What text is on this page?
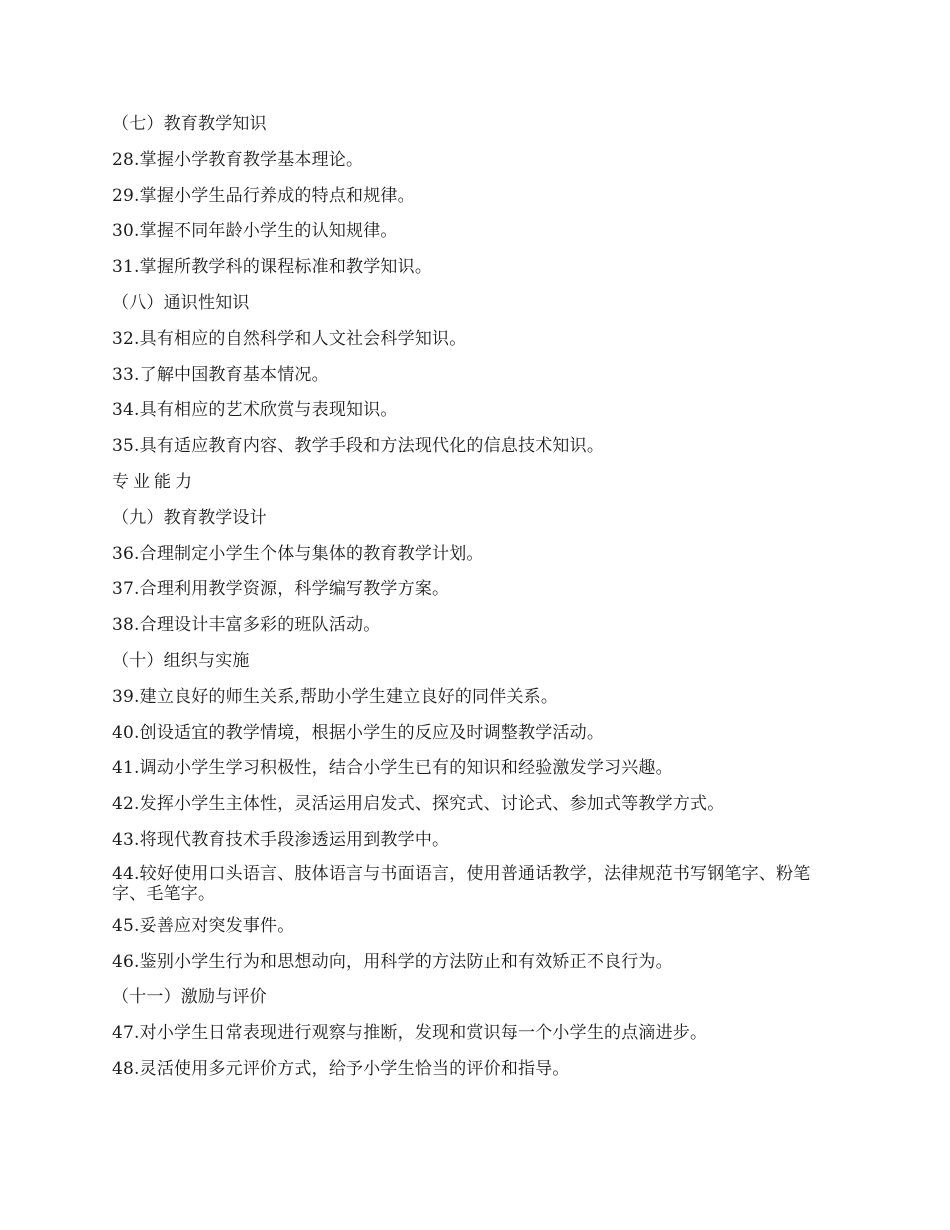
（七）教育教学知识
28.掌握小学教育教学基本理论。
29.掌握小学生品行养成的特点和规律。
30.掌握不同年龄小学生的认知规律。
31.掌握所教学科的课程标准和教学知识。
（八）通识性知识
32.具有相应的自然科学和人文社会科学知识。
33.了解中国教育基本情况。
34.具有相应的艺术欣赏与表现知识。
35.具有适应教育内容、教学手段和方法现代化的信息技术知识。
专业能力
（九）教育教学设计
36.合理制定小学生个体与集体的教育教学计划。
37.合理利用教学资源，科学编写教学方案。
38.合理设计丰富多彩的班队活动。
（十）组织与实施
39.建立良好的师生关系,帮助小学生建立良好的同伴关系。
40.创设适宜的教学情境，根据小学生的反应及时调整教学活动。
41.调动小学生学习积极性，结合小学生已有的知识和经验激发学习兴趣。
42.发挥小学生主体性，灵活运用启发式、探究式、讨论式、参加式等教学方式。
43.将现代教育技术手段渗透运用到教学中。
44.较好使用口头语言、肢体语言与书面语言，使用普通话教学，法律规范书写钢笔字、粉笔字、毛笔字。
45.妥善应对突发事件。
46.鉴别小学生行为和思想动向，用科学的方法防止和有效矫正不良行为。
（十一）激励与评价
47.对小学生日常表现进行观察与推断，发现和赏识每一个小学生的点滴进步。
48.灵活使用多元评价方式，给予小学生恰当的评价和指导。
